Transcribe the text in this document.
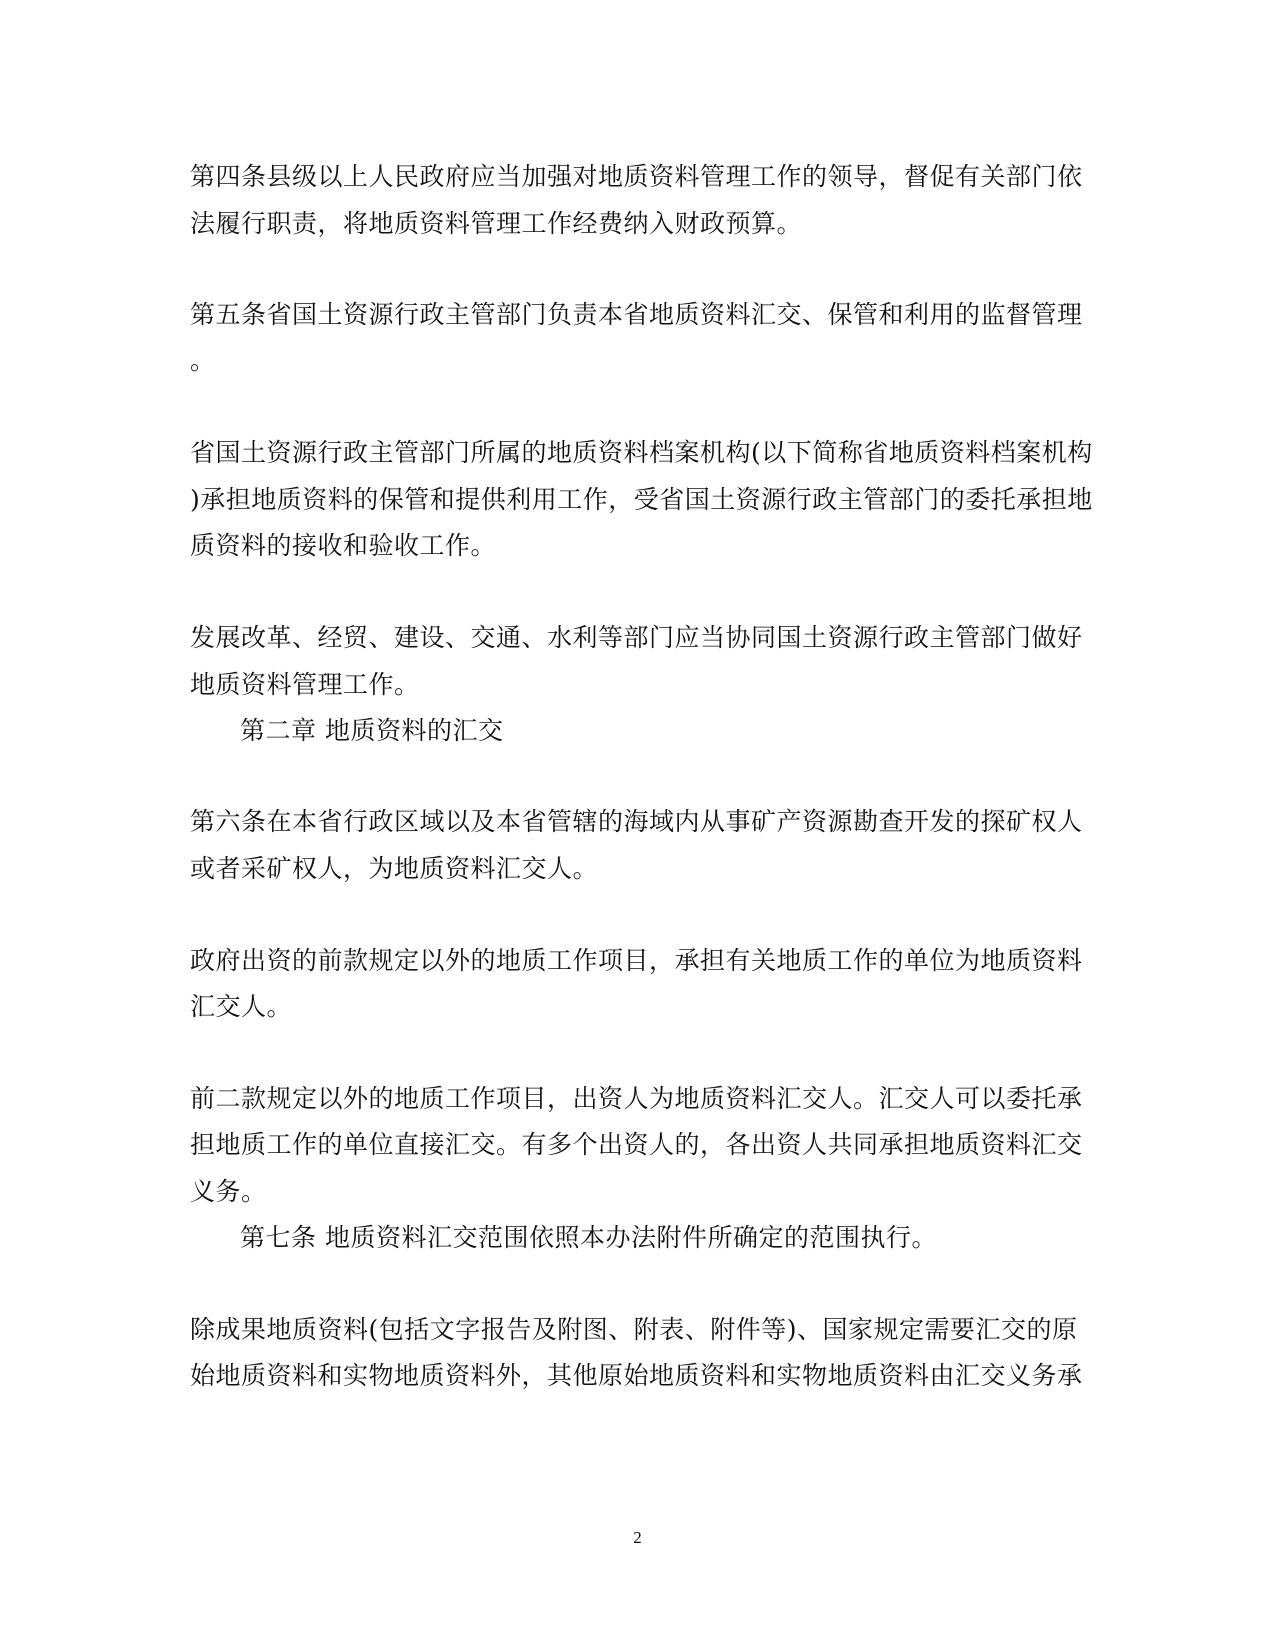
第四条县级以上人民政府应当加强对地质资料管理工作的领导，督促有关部门依
法履行职责，将地质资料管理工作经费纳入财政预算。
第五条省国土资源行政主管部门负责本省地质资料汇交、保管和利用的监督管理
。
省国土资源行政主管部门所属的地质资料档案机构(以下简称省地质资料档案机构
)承担地质资料的保管和提供利用工作，受省国土资源行政主管部门的委托承担地
质资料的接收和验收工作。
发展改革、经贸、建设、交通、水利等部门应当协同国土资源行政主管部门做好
地质资料管理工作。
第二章 地质资料的汇交
第六条在本省行政区域以及本省管辖的海域内从事矿产资源勘查开发的探矿权人
或者采矿权人，为地质资料汇交人。
政府出资的前款规定以外的地质工作项目，承担有关地质工作的单位为地质资料
汇交人。
前二款规定以外的地质工作项目，出资人为地质资料汇交人。汇交人可以委托承
担地质工作的单位直接汇交。有多个出资人的，各出资人共同承担地质资料汇交
义务。
第七条 地质资料汇交范围依照本办法附件所确定的范围执行。
除成果地质资料(包括文字报告及附图、附表、附件等)、国家规定需要汇交的原
始地质资料和实物地质资料外，其他原始地质资料和实物地质资料由汇交义务承
2
